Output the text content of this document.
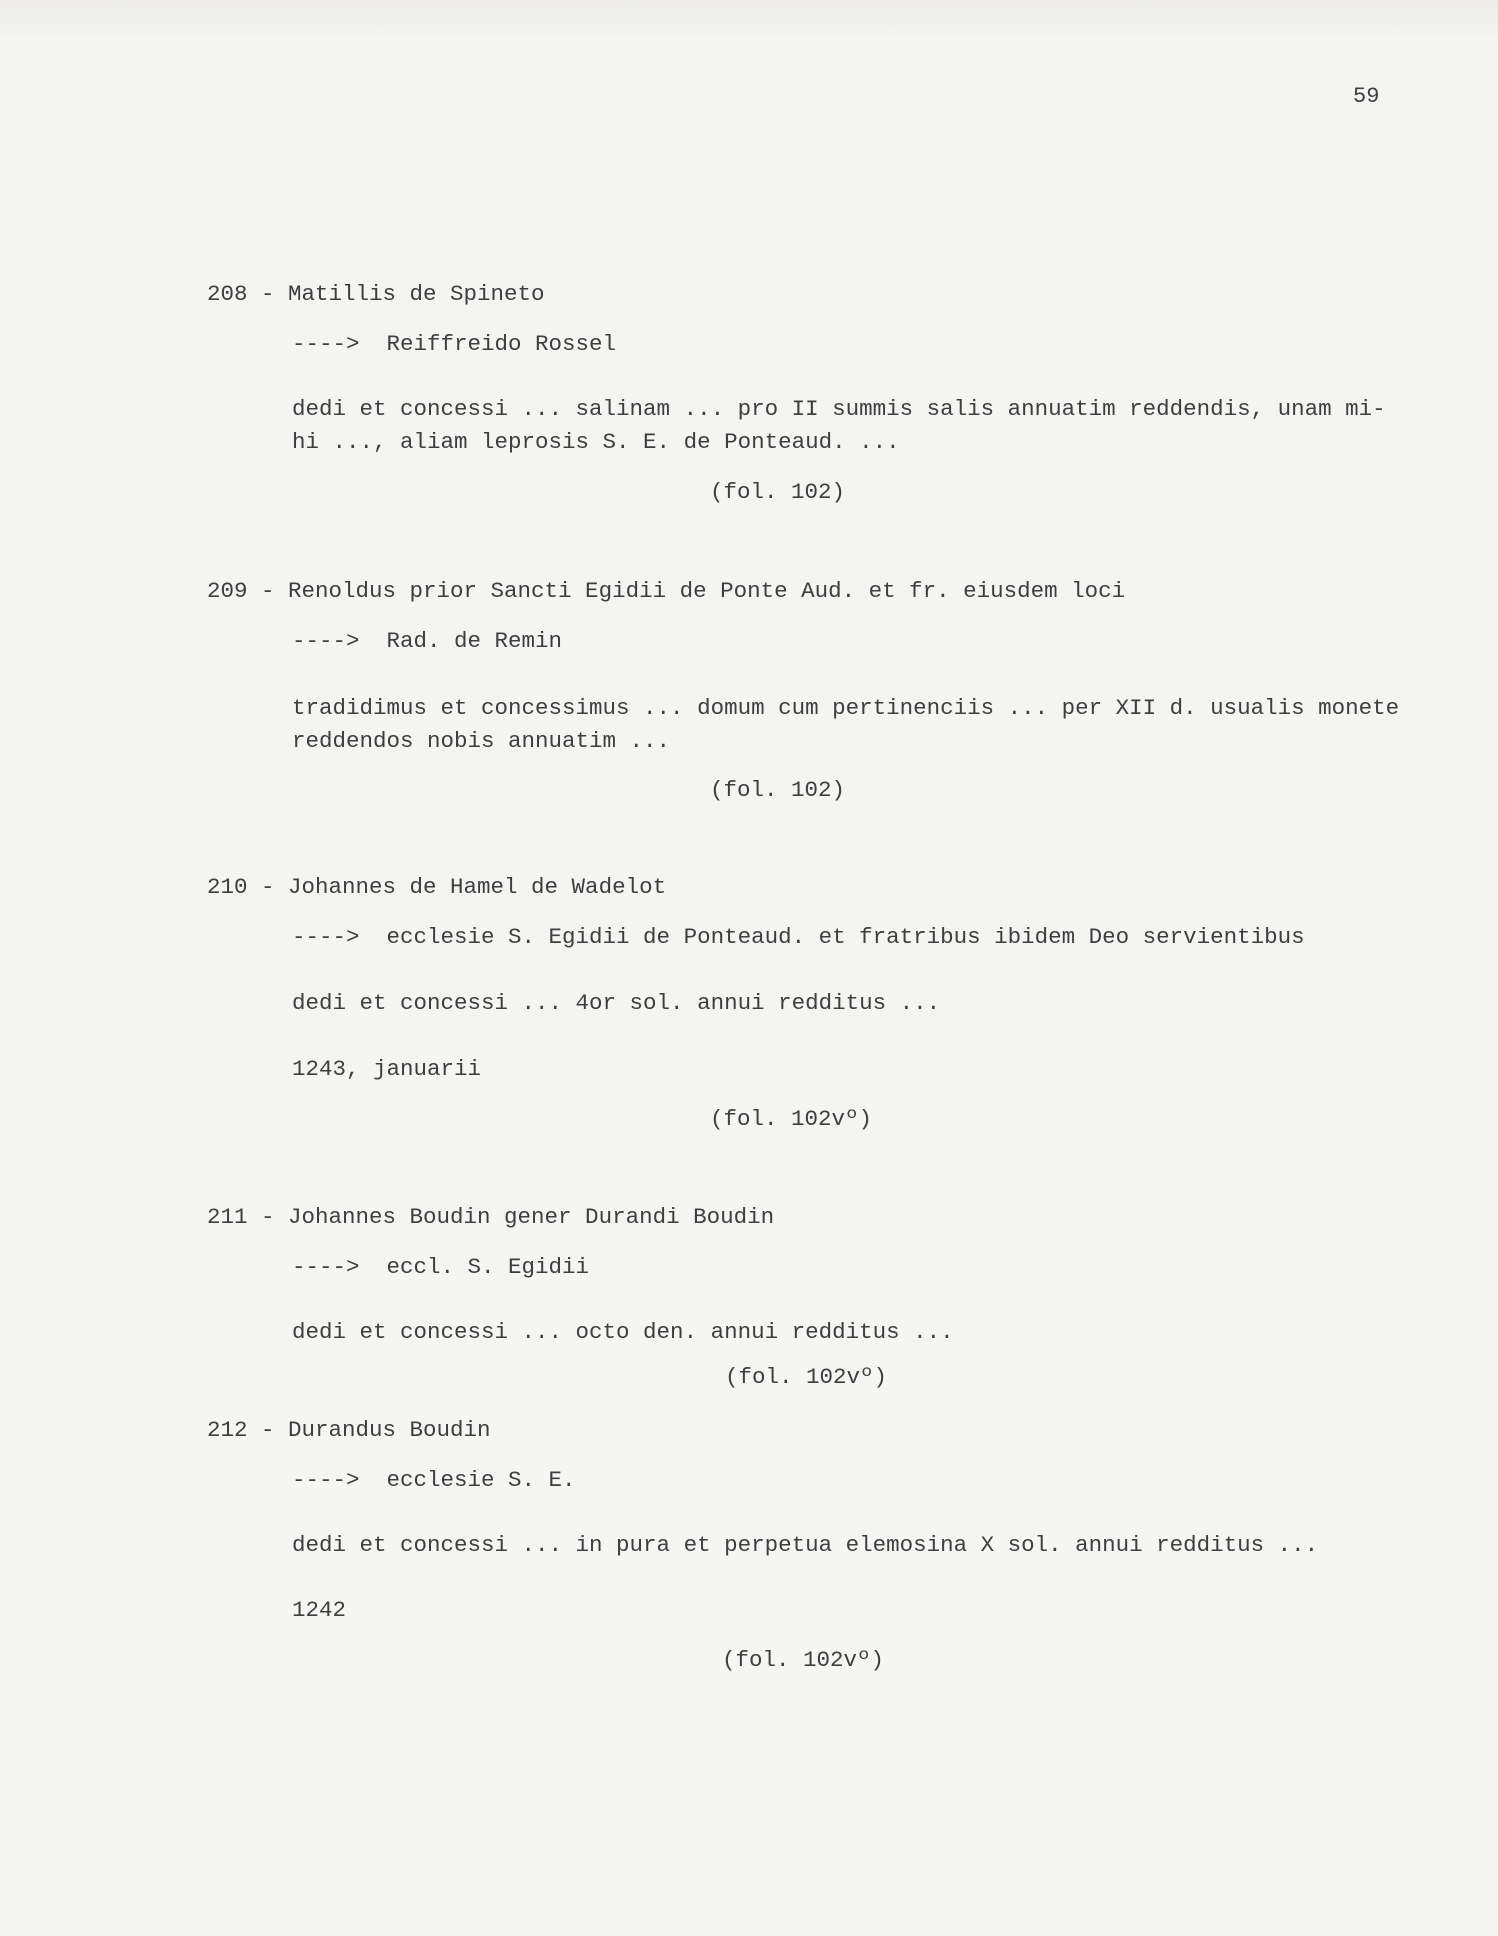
59
208 - Matillis de Spineto
---->  Reiffreido Rossel
dedi et concessi ... salinam ... pro II summis salis annuatim reddendis, unam mi-
hi ..., aliam leprosis S. E. de Ponteaud. ...
(fol. 102)
209 - Renoldus prior Sancti Egidii de Ponte Aud. et fr. eiusdem loci
---->  Rad. de Remin
tradidimus et concessimus ... domum cum pertinenciis ... per XII d. usualis monete
reddendos nobis annuatim ...
(fol. 102)
210 - Johannes de Hamel de Wadelot
---->  ecclesie S. Egidii de Ponteaud. et fratribus ibidem Deo servientibus
dedi et concessi ... 4or sol. annui redditus ...
1243, januarii
(fol. 102vº)
211 - Johannes Boudin gener Durandi Boudin
---->  eccl. S. Egidii
dedi et concessi ... octo den. annui redditus ...
(fol. 102vº)
212 - Durandus Boudin
---->  ecclesie S. E.
dedi et concessi ... in pura et perpetua elemosina X sol. annui redditus ...
1242
(fol. 102vº)
